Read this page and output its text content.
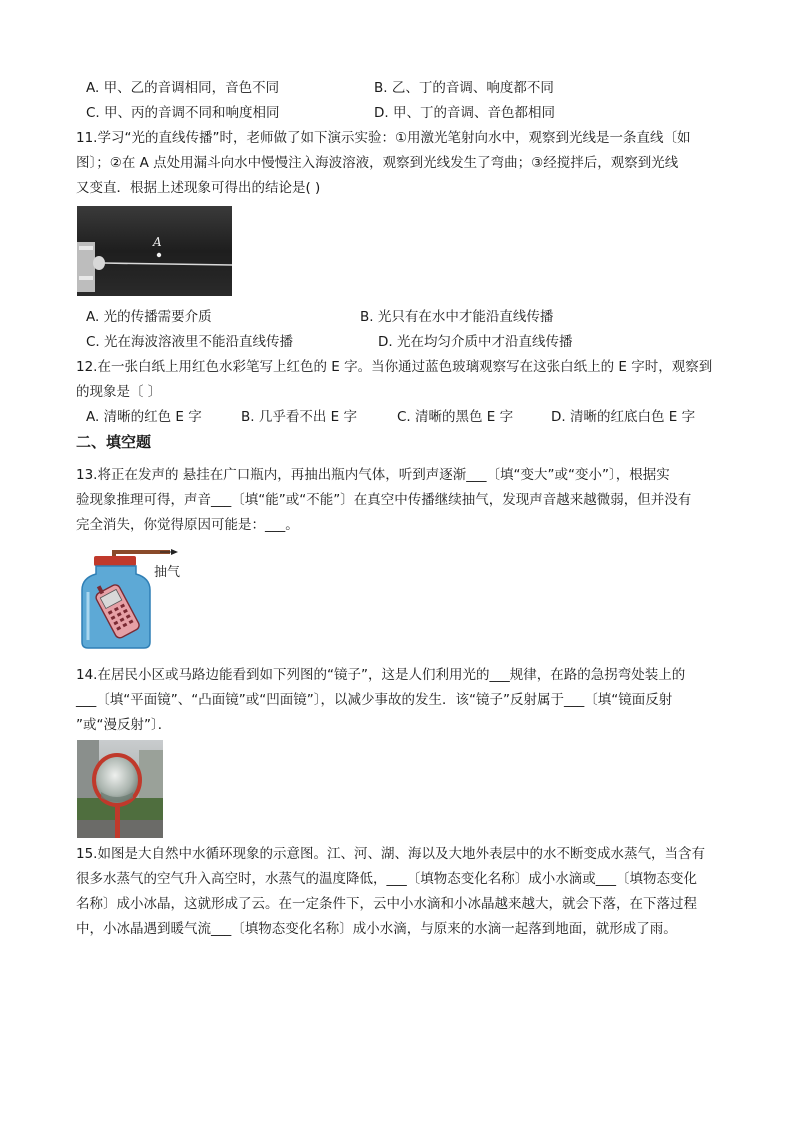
A. 甲、乙的音调相同，音色不同	B. 乙、丁的音调、响度都不同
C. 甲、丙的音调不同和响度相同	D. 甲、丁的音调、音色都相同
11.学习“光的直线传播”时，老师做了如下演示实验：①用激光笔射向水中，观察到光线是一条直线〔如
图〕；②在 A 点处用漏斗向水中慢慢注入海波溶液，观察到光线发生了弯曲；③经搅拌后，观察到光线
又变直．根据上述现象可得出的结论是( )
A
A. 光的传播需要介质	B. 光只有在水中才能沿直线传播
C. 光在海波溶液里不能沿直线传播	D. 光在均匀介质中才沿直线传播
12.在一张白纸上用红色水彩笔写上红色的 E 字。当你通过蓝色玻璃观察写在这张白纸上的 E 字时，观察到
的现象是〔 〕
A. 清晰的红色 E 字	B. 几乎看不出 E 字	C. 清晰的黑色 E 字	D. 清晰的红底白色 E 字
二、填空题
13.将正在发声的 悬挂在广口瓶内，再抽出瓶内气体，听到声逐渐___〔填“变大”或“变小”〕，根据实
验现象推理可得，声音___〔填“能”或“不能”〕在真空中传播继续抽气，发现声音越来越微弱，但并没有
完全消失，你觉得原因可能是：___。
抽气
14.在居民小区或马路边能看到如下列图的“镜子”，这是人们利用光的___规律，在路的急拐弯处装上的
___〔填“平面镜”、“凸面镜”或“凹面镜”〕，以减少事故的发生．该“镜子”反射属于___〔填“镜面反射
”或“漫反射”〕．
15.如图是大自然中水循环现象的示意图。江、河、湖、海以及大地外表层中的水不断变成水蒸气，当含有
很多水蒸气的空气升入高空时，水蒸气的温度降低，___〔填物态变化名称〕成小水滴或___〔填物态变化
名称〕成小冰晶，这就形成了云。在一定条件下，云中小水滴和小冰晶越来越大，就会下落，在下落过程
中，小冰晶遇到暖气流___〔填物态变化名称〕成小水滴，与原来的水滴一起落到地面，就形成了雨。
